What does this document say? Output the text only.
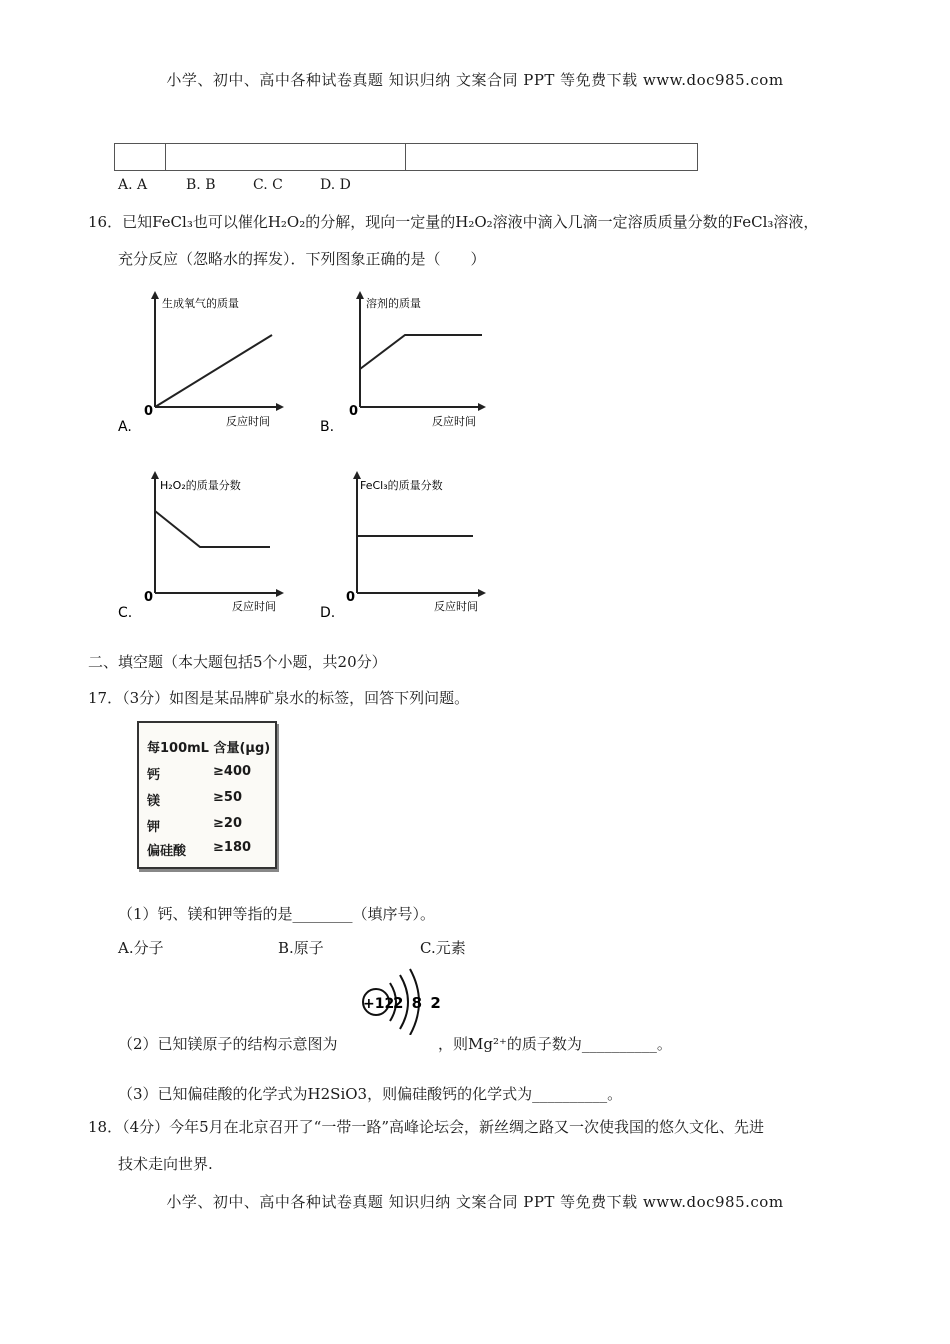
小学、初中、高中各种试卷真题 知识归纳 文案合同 PPT 等免费下载 www.doc985.com
A. A	B. B	C. C	D. D
16．已知FeCl₃也可以催化H₂O₂的分解，现向一定量的H₂O₂溶液中滴入几滴一定溶质质量分数的FeCl₃溶液，
充分反应（忽略水的挥发）．下列图象正确的是（　　）
生成氧气的质量
反应时间
0
A.
溶剂的质量
反应时间
0
B.
H₂O₂的质量分数
反应时间
0
C.
FeCl₃的质量分数
反应时间
0
D.
二、填空题（本大题包括5个小题，共20分）
17．（3分）如图是某品牌矿泉水的标签，回答下列问题。
每100mL 含量(μg)
钙	≥400
镁	≥50
钾	≥20
偏硅酸 ≥180
（1）钙、镁和钾等指的是________（填序号）。
A.分子	B.原子	C.元素
+12
2 8 2
（2）已知镁原子的结构示意图为	，则Mg²⁺的质子数为__________。
（3）已知偏硅酸的化学式为H2SiO3，则偏硅酸钙的化学式为__________。
18．（4分）今年5月在北京召开了“一带一路”高峰论坛会，新丝绸之路又一次使我国的悠久文化、先进
技术走向世界.
小学、初中、高中各种试卷真题 知识归纳 文案合同 PPT 等免费下载 www.doc985.com
